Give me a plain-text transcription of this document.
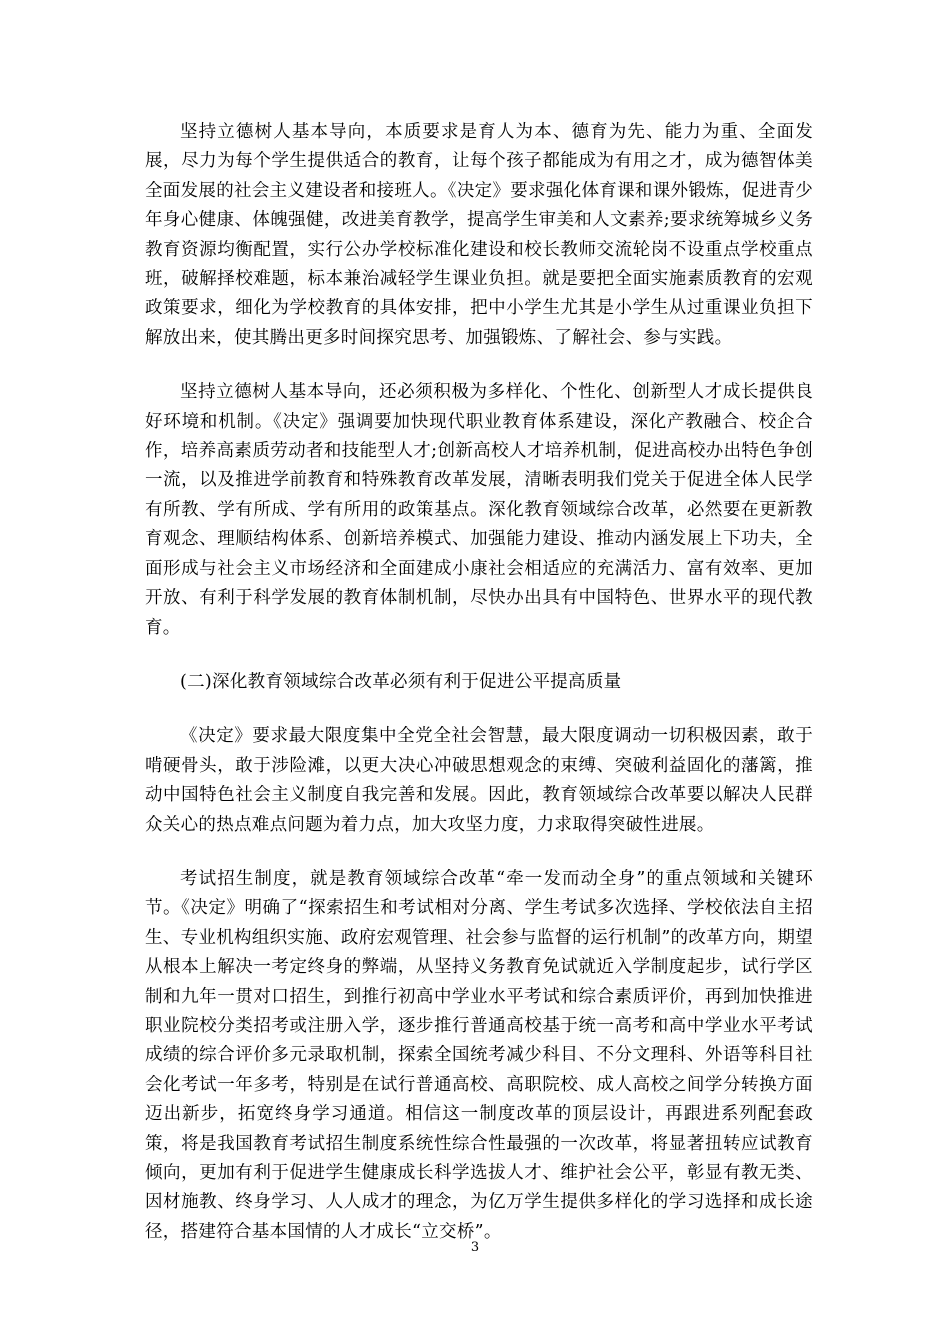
坚持立德树人基本导向，本质要求是育人为本、德育为先、能力为重、全面发展，尽力为每个学生提供适合的教育，让每个孩子都能成为有用之才，成为德智体美全面发展的社会主义建设者和接班人。《决定》要求强化体育课和课外锻炼，促进青少年身心健康、体魄强健，改进美育教学，提高学生审美和人文素养;要求统筹城乡义务教育资源均衡配置，实行公办学校标准化建设和校长教师交流轮岗不设重点学校重点班，破解择校难题，标本兼治减轻学生课业负担。就是要把全面实施素质教育的宏观政策要求，细化为学校教育的具体安排，把中小学生尤其是小学生从过重课业负担下解放出来，使其腾出更多时间探究思考、加强锻炼、了解社会、参与实践。

坚持立德树人基本导向，还必须积极为多样化、个性化、创新型人才成长提供良好环境和机制。《决定》强调要加快现代职业教育体系建设，深化产教融合、校企合作，培养高素质劳动者和技能型人才;创新高校人才培养机制，促进高校办出特色争创一流，以及推进学前教育和特殊教育改革发展，清晰表明我们党关于促进全体人民学有所教、学有所成、学有所用的政策基点。深化教育领域综合改革，必然要在更新教育观念、理顺结构体系、创新培养模式、加强能力建设、推动内涵发展上下功夫，全面形成与社会主义市场经济和全面建成小康社会相适应的充满活力、富有效率、更加开放、有利于科学发展的教育体制机制，尽快办出具有中国特色、世界水平的现代教育。

(二)深化教育领域综合改革必须有利于促进公平提高质量

《决定》要求最大限度集中全党全社会智慧，最大限度调动一切积极因素，敢于啃硬骨头，敢于涉险滩，以更大决心冲破思想观念的束缚、突破利益固化的藩篱，推动中国特色社会主义制度自我完善和发展。因此，教育领域综合改革要以解决人民群众关心的热点难点问题为着力点，加大攻坚力度，力求取得突破性进展。

考试招生制度，就是教育领域综合改革“牵一发而动全身”的重点领域和关键环节。《决定》明确了“探索招生和考试相对分离、学生考试多次选择、学校依法自主招生、专业机构组织实施、政府宏观管理、社会参与监督的运行机制”的改革方向，期望从根本上解决一考定终身的弊端，从坚持义务教育免试就近入学制度起步，试行学区制和九年一贯对口招生，到推行初高中学业水平考试和综合素质评价，再到加快推进职业院校分类招考或注册入学，逐步推行普通高校基于统一高考和高中学业水平考试成绩的综合评价多元录取机制，探索全国统考减少科目、不分文理科、外语等科目社会化考试一年多考，特别是在试行普通高校、高职院校、成人高校之间学分转换方面迈出新步，拓宽终身学习通道。相信这一制度改革的顶层设计，再跟进系列配套政策，将是我国教育考试招生制度系统性综合性最强的一次改革，将显著扭转应试教育倾向，更加有利于促进学生健康成长科学选拔人才、维护社会公平，彰显有教无类、因材施教、终身学习、人人成才的理念，为亿万学生提供多样化的学习选择和成长途径，搭建符合基本国情的人才成长“立交桥”。

3
